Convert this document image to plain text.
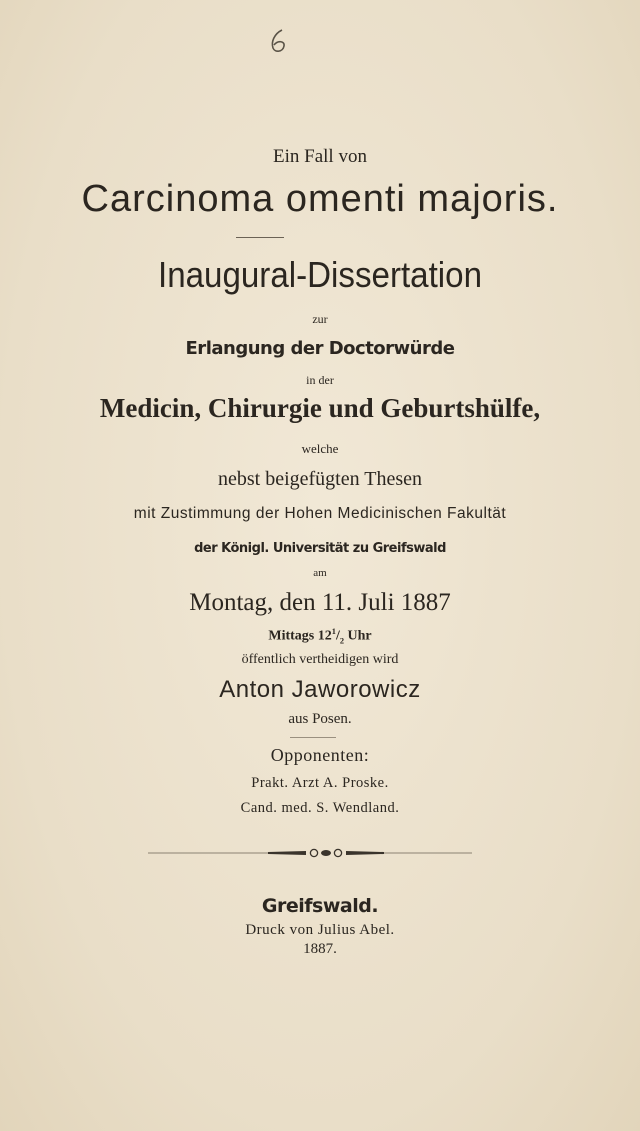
Ein Fall von
Carcinoma omenti majoris.
Inaugural-Dissertation
zur
Erlangung der Doctorwürde
in der
Medicin, Chirurgie und Geburtshülfe,
welche
nebst beigefügten Thesen
mit Zustimmung der Hohen Medicinischen Fakultät
der Königl. Universität zu Greifswald
am
Montag, den 11. Juli 1887
Mittags $12^1/_2$ Uhr
öffentlich vertheidigen wird
Anton Jaworowicz
aus Posen.
Opponenten:
Prakt. Arzt A. Proske.
Cand. med. S. Wendland.
Greifswald.
Druck von Julius Abel.
1887.
